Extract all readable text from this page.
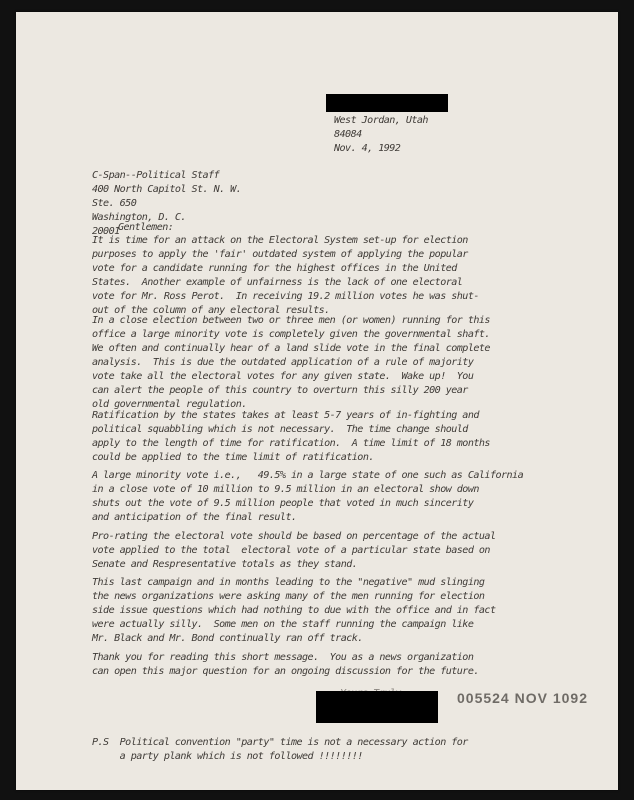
West Jordan, Utah
84084
Nov. 4, 1992
C-Span--Political Staff
400 North Capitol St. N. W.
Ste. 650
Washington, D. C.
20001
Gentlemen:
It is time for an attack on the Electoral System set-up for election
purposes to apply the 'fair' outdated system of applying the popular
vote for a candidate running for the highest offices in the United
States.  Another example of unfairness is the lack of one electoral
vote for Mr. Ross Perot.  In receiving 19.2 million votes he was shut-
out of the column of any electoral results.
In a close election between two or three men (or women) running for this
office a large minority vote is completely given the governmental shaft.
We often and continually hear of a land slide vote in the final complete
analysis.  This is due the outdated application of a rule of majority
vote take all the electoral votes for any given state.  Wake up!  You
can alert the people of this country to overturn this silly 200 year
old governmental regulation.
Ratification by the states takes at least 5-7 years of in-fighting and
political squabbling which is not necessary.  The time change should
apply to the length of time for ratification.  A time limit of 18 months
could be applied to the time limit of ratification.
A large minority vote i.e.,   49.5% in a large state of one such as California
in a close vote of 10 million to 9.5 million in an electoral show down
shuts out the vote of 9.5 million people that voted in much sincerity
and anticipation of the final result.
Pro-rating the electoral vote should be based on percentage of the actual
vote applied to the total  electoral vote of a particular state based on
Senate and Respresentative totals as they stand.
This last campaign and in months leading to the "negative" mud slinging
the news organizations were asking many of the men running for election
side issue questions which had nothing to due with the office and in fact
were actually silly.  Some men on the staff running the campaign like
Mr. Black and Mr. Bond continually ran off track.
Thank you for reading this short message.  You as a news organization
can open this major question for an ongoing discussion for the future.
005524 NOV 1092
P.S  Political convention "party" time is not a necessary action for
a party plank which is not followed !!!!!!!!
